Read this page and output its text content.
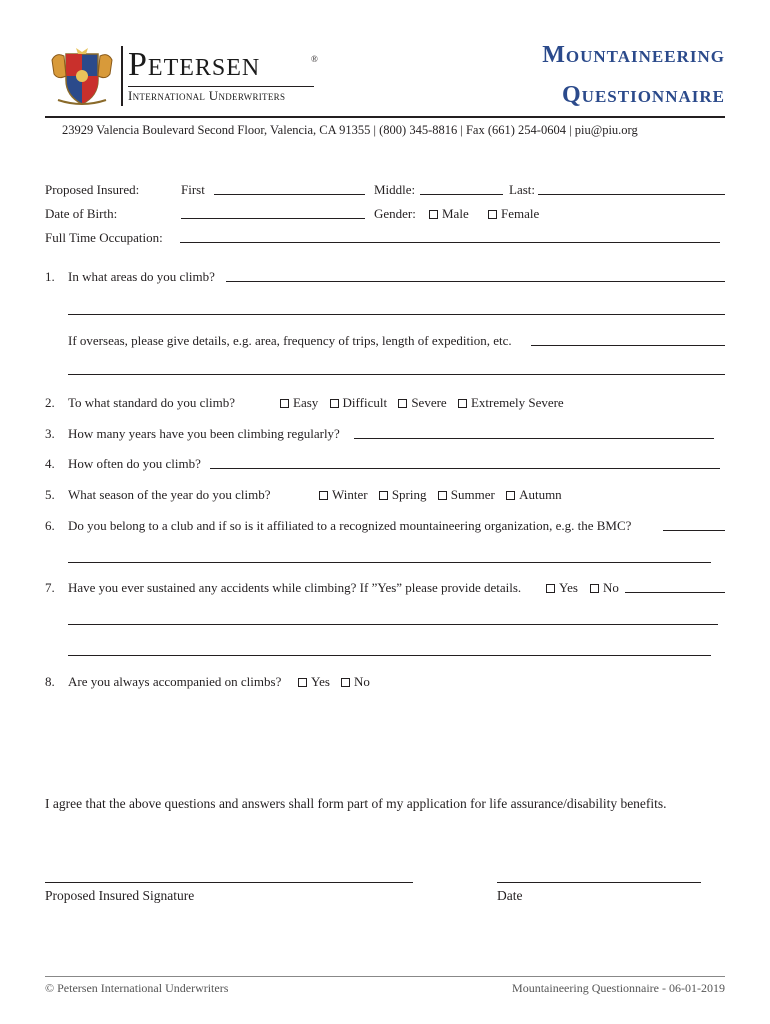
Petersen	®
International Underwriters
Mountaineering
Questionnaire
23929 Valencia Boulevard Second Floor, Valencia, CA 91355 | (800) 345-8816 | Fax (661) 254-0604 | piu@piu.org
Proposed Insured:	First	Middle:	Last:
Date of Birth:	Gender:	Male	Female
Full Time Occupation:
1. In what areas do you climb?
If overseas, please give details, e.g. area, frequency of trips, length of expedition, etc.
2. To what standard do you climb?	Easy Difficult Severe Extremely Severe
3. How many years have you been climbing regularly?
4. How often do you climb?
5. What season of the year do you climb?	Winter Spring Summer Autumn
6. Do you belong to a club and if so is it affiliated to a recognized mountaineering organization, e.g. the BMC?
7. Have you ever sustained any accidents while climbing? If ”Yes” please provide details.	Yes	No
8. Are you always accompanied on climbs?	Yes	No
I agree that the above questions and answers shall form part of my application for life assurance/disability benefits.
Proposed Insured Signature	Date
© Petersen International Underwriters	Mountaineering Questionnaire - 06-01-2019
